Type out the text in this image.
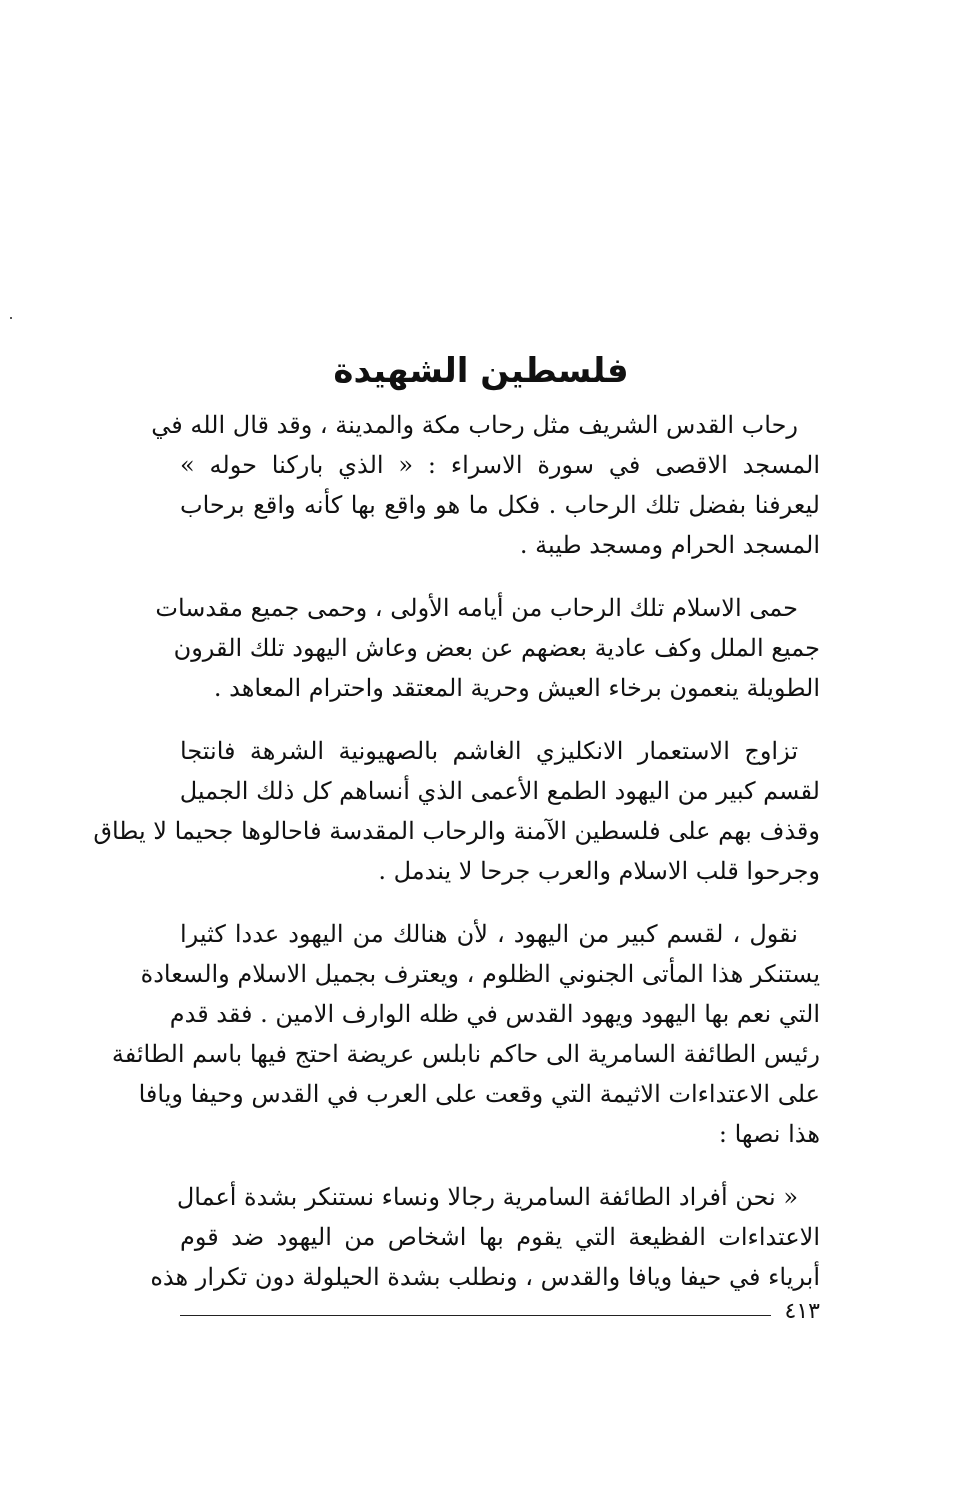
فلسطين الشهيدة
رحاب القدس الشريف مثل رحاب مكة والمدينة ، وقد قال الله في
المسجد الاقصى في سورة الاسراء : « الذي باركنا حوله »
ليعرفنا بفضل تلك الرحاب . فكل ما هو واقع بها كأنه واقع برحاب
المسجد الحرام ومسجد طيبة .
حمى الاسلام تلك الرحاب من أيامه الأولى ، وحمى جميع مقدسات
جميع الملل وكف عادية بعضهم عن بعض وعاش اليهود تلك القرون
الطويلة ينعمون برخاء العيش وحرية المعتقد واحترام المعاهد .
تزاوج الاستعمار الانكليزي الغاشم بالصهيونية الشرهة فانتجا
لقسم كبير من اليهود الطمع الأعمى الذي أنساهم كل ذلك الجميل
وقذف بهم على فلسطين الآمنة والرحاب المقدسة فاحالوها جحيما لا يطاق
وجرحوا قلب الاسلام والعرب جرحا لا يندمل .
نقول ، لقسم كبير من اليهود ، لأن هنالك من اليهود عددا كثيرا
يستنكر هذا المأتى الجنوني الظلوم ، ويعترف بجميل الاسلام والسعادة
التي نعم بها اليهود ويهود القدس في ظله الوارف الامين . فقد قدم
رئيس الطائفة السامرية الى حاكم نابلس عريضة احتج فيها باسم الطائفة
على الاعتداءات الاثيمة التي وقعت على العرب في القدس وحيفا ويافا
هذا نصها :
« نحن أفراد الطائفة السامرية رجالا ونساء نستنكر بشدة أعمال
الاعتداءات الفظيعة التي يقوم بها اشخاص من اليهود ضد قوم
أبرياء في حيفا ويافا والقدس ، ونطلب بشدة الحيلولة دون تكرار هذه
٤١٣
